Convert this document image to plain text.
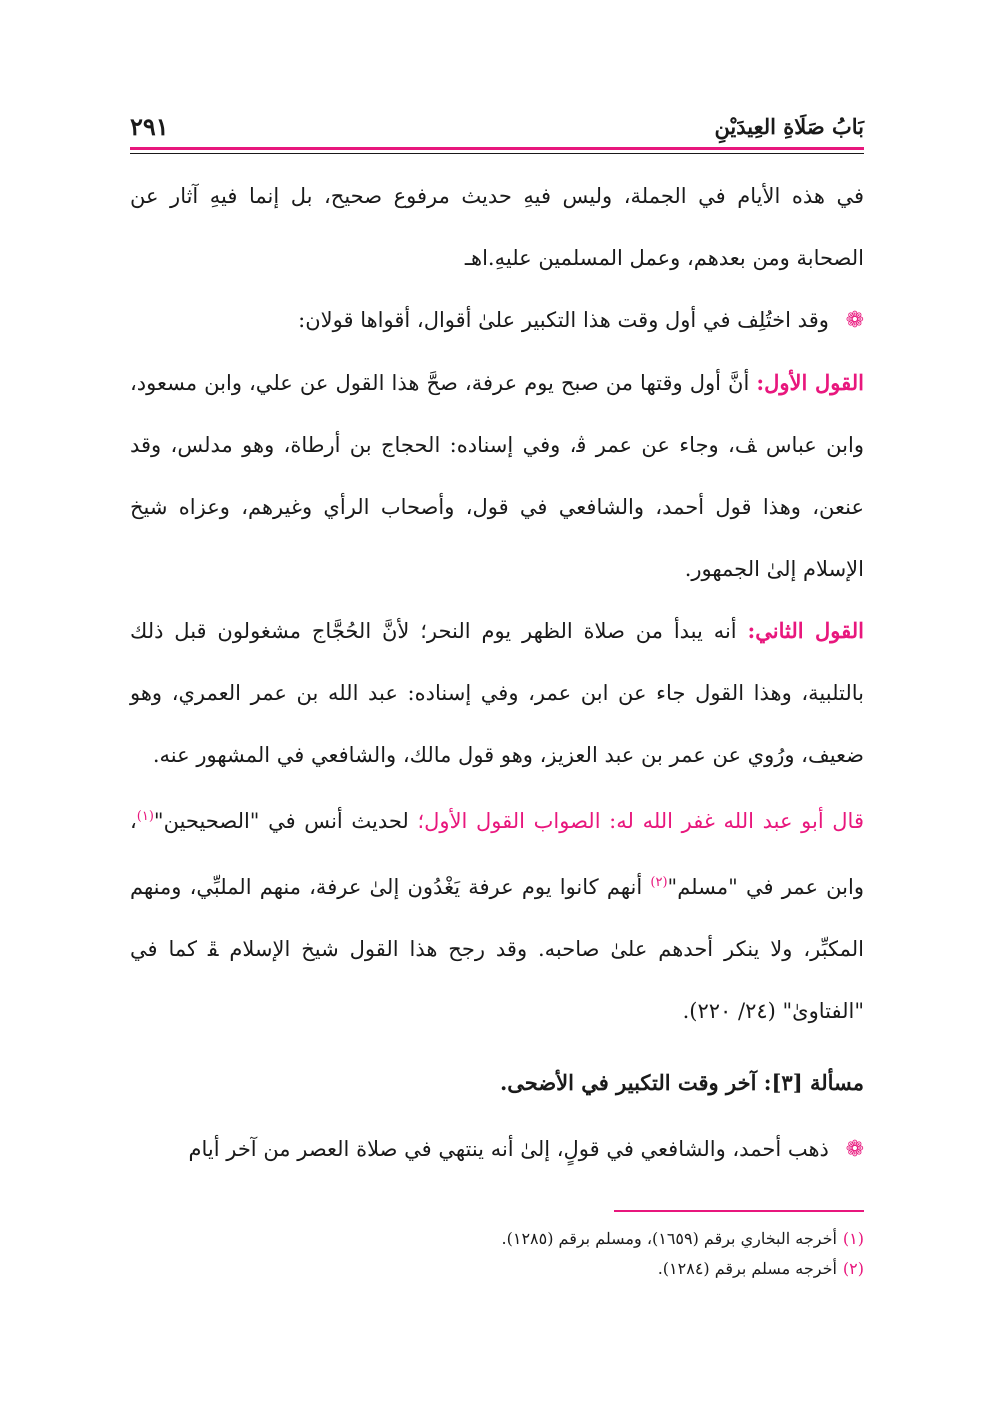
بَابُ صَلَاةِ العِيدَيْنِ
٢٩١

في هذه الأيام في الجملة، وليس فيهِ حديث مرفوع صحيح، بل إنما فيهِ آثار عن الصحابة ومن بعدهم، وعمل المسلمين عليهِ.اهـ

❁ وقد اختُلِف في أول وقت هذا التكبير علىٰ أقوال، أقواها قولان:

القول الأول: أنَّ أول وقتها من صبح يوم عرفة، صحَّ هذا القول عن علي، وابن مسعود، وابن عباس ﭫ، وجاء عن عمر ﭬ، وفي إسناده: الحجاج بن أرطاة، وهو مدلس، وقد عنعن، وهذا قول أحمد، والشافعي في قول، وأصحاب الرأي وغيرهم، وعزاه شيخ الإسلام إلىٰ الجمهور.

القول الثاني: أنه يبدأ من صلاة الظهر يوم النحر؛ لأنَّ الحُجَّاج مشغولون قبل ذلك بالتلبية، وهذا القول جاء عن ابن عمر، وفي إسناده: عبد الله بن عمر العمري، وهو ضعيف، ورُوي عن عمر بن عبد العزيز، وهو قول مالك، والشافعي في المشهور عنه.

قال أبو عبد الله غفر الله له: الصواب القول الأول؛ لحديث أنس في "الصحيحين"$^{(١)}$، وابن عمر في "مسلم"$^{(٢)}$ أنهم كانوا يوم عرفة يَغْدُون إلىٰ عرفة، منهم الملبِّي، ومنهم المكبِّر، ولا ينكر أحدهم علىٰ صاحبه. وقد رجح هذا القول شيخ الإسلام ﭱ كما في "الفتاوىٰ" (٢٤/ ٢٢٠).

مسألة [٣]: آخر وقت التكبير في الأضحى.

❁ ذهب أحمد، والشافعي في قولٍ، إلىٰ أنه ينتهي في صلاة العصر من آخر أيام

(١)أخرجه البخاري برقم (١٦٥٩)، ومسلم برقم (١٢٨٥).

(٢)أخرجه مسلم برقم (١٢٨٤).
